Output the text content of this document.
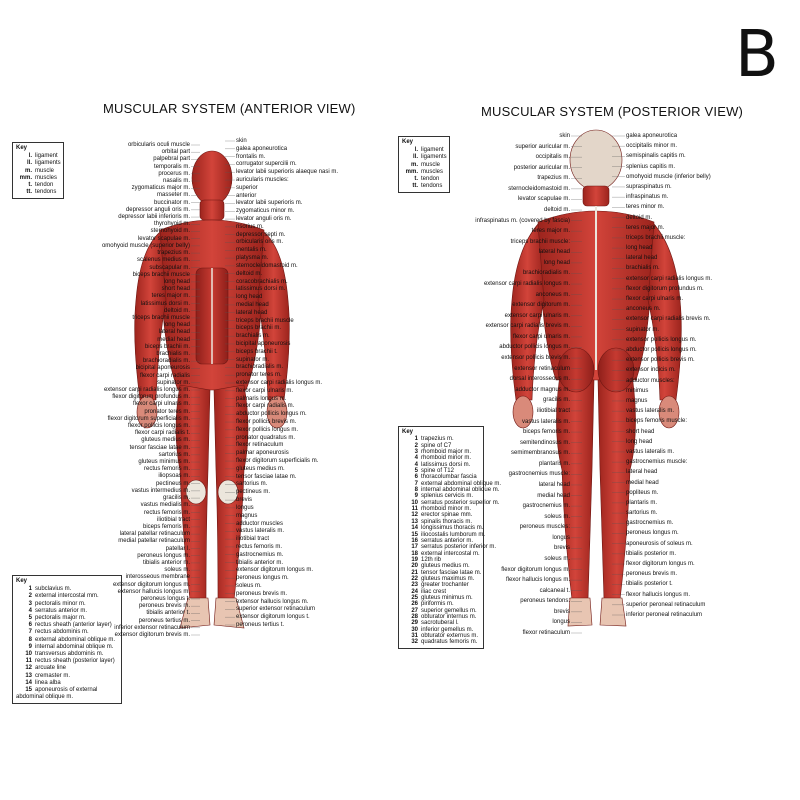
B
MUSCULAR SYSTEM (ANTERIOR VIEW)	MUSCULAR SYSTEM (POSTERIOR VIEW)
Key
l. ligament
ll. ligaments
m. muscle
mm. muscles
t. tendon
tt. tendons
Key
1 subclavius m.
2 external intercostal mm.
3 pectoralis minor m.
4 serratus anterior m.
5 pectoralis major m.
6 rectus sheath (anterior layer)
7 rectus abdominis m.
8 external abdominal oblique m.
9 internal abdominal oblique m.
10 transversus abdominis m.
11 rectus sheath (posterior layer)
12 arcuate line
13 cremaster m.
14 linea alba
15 aponeurosis of external abdominal oblique m.
Key
l. ligament
ll. ligaments
m. muscle
mm. muscles
t. tendon
tt. tendons
Key
1 trapezius m.
2 spine of C7
3 rhomboid major m.
4 rhomboid minor m.
4 latissimus dorsi m.
5 spine of T12
6 thoracolumbar fascia
7 external abdominal oblique m.
8 internal abdominal oblique m.
9 splenius cervicis m.
10 serratus posterior superior m.
11 rhomboid minor m.
12 erector spinae mm.
13 spinalis thoracis m.
14 longissimus thoracis m.
15 iliocostalis lumborum m.
16 serratus anterior m.
17 serratus posterior inferior m.
18 external intercostal m.
19 12th rib
20 gluteus medius m.
21 tensor fasciae latae m.
22 gluteus maximus m.
23 greater trochanter
24 iliac crest
25 gluteus minimus m.
26 piriformis m.
27 superior gemellus m.
28 obturator internus m.
29 sacrotuberal l.
30 inferior gemellus m.
31 obturator externus m.
32 quadratus femoris m.
orbicularis oculi muscle
orbital part
palpebral part
temporalis m.
procerus m.
nasalis m.
zygomaticus major m.
masseter m.
buccinator m.
depressor anguli oris m.
depressor labii inferioris m.
thyrohyoid m.
sternohyoid m.
levator scapulae m.
omohyoid muscle (superior belly)
trapezius m.
scalenus medius m.
subscapular m.
biceps brachii muscle
long head
short head
teres major m.
latissimus dorsi m.
deltoid m.
triceps brachii muscle
long head
lateral head
medial head
biceps brachii m.
brachialis m.
brachioradialis m.
bicipital aponeurosis
flexor carpi radialis
supinator m.
extensor carpi radialis longus m.
flexor digitorum profundus m.
flexor carpi ulnaris m.
pronator teres m.
flexor digitorum superficialis m.
flexor pollicis longus m.
flexor carpi radialis t.
gluteus medius m.
tensor fasciae latae m.
sartorius m.
gluteus minimus m.
rectus femoris m.
iliopsoas m.
pectineus m.
vastus intermedius m.
gracilis m.
vastus medialis m.
rectus femoris m.
iliotibial tract
biceps femoris m.
lateral patellar retinaculum
medial patellar retinaculum
patellar l.
peroneus longus m.
tibialis anterior m.
soleus m.
interosseous membrane
extensor digitorum longus m.
extensor hallucis longus m.
peroneus longus t.
peroneus brevis m.
tibialis anterior t.
peroneus tertius m.
inferior extensor retinaculum
extensor digitorum brevis m.
skin
galea aponeurotica
frontalis m.
corrugator supercilii m.
levator labii superioris alaeque nasi m.
auricularis muscles:
superior
anterior
levator labii superioris m.
zygomaticus minor m.
levator anguli oris m.
risorius m.
depressor septi m.
orbicularis oris m.
mentalis m.
platysma m.
sternocleidomastoid m.
deltoid m.
coracobrachialis m.
latissimus dorsi m.
long head
medial head
lateral head
triceps brachii muscle
biceps brachii m.
brachialis m.
bicipital aponeurosis
biceps brachii t.
supinator m.
brachioradialis m.
pronator teres m.
extensor carpi radialis longus m.
flexor carpi ulnaris m.
palmaris longus m.
flexor carpi radialis m.
abductor pollicis longus m.
flexor pollicis brevis m.
flexor pollicis longus m.
pronator quadratus m.
flexor retinaculum
palmar aponeurosis
flexor digitorum superficialis m.
gluteus medius m.
tensor fasciae latae m.
sartorius m.
pectineus m.
brevis
longus
magnus
adductor muscles
vastus lateralis m.
iliotibial tract
rectus femoris m.
gastrocnemius m.
tibialis anterior m.
extensor digitorum longus m.
peroneus longus m.
soleus m.
peroneus brevis m.
extensor hallucis longus m.
superior extensor retinaculum
extensor digitorum longus t.
peroneus tertius t.
skin
superior auricular m.
occipitalis m.
posterior auricular m.
trapezius m.
sternocleidomastoid m.
levator scapulae m.
deltoid m.
infraspinatus m. (covered by fascia)
teres major m.
triceps brachii muscle:
lateral head
long head
brachioradialis m.
extensor carpi radialis longus m.
anconeus m.
extensor digitorum m.
extensor carpi ulnaris m.
extensor carpi radialis brevis m.
flexor carpi ulnaris m.
abductor pollicis longus m.
extensor pollicis brevis m.
extensor retinaculum
dorsal interosseous m.
adductor magnus m.
gracilis m.
iliotibial tract
vastus lateralis m.
biceps femoris m.
semitendinosus m.
semimembranosus m.
plantaris m.
gastrocnemius muscle:
lateral head
medial head
gastrocnemius m.
soleus m.
peroneus muscles:
longus
brevis
soleus m.
flexor digitorum longus m.
flexor hallucis longus m.
calcaneal t.
peroneus tendons:
brevis
longus
flexor retinaculum
galea aponeurotica
occipitalis minor m.
semispinalis capitis m.
splenius capitis m.
omohyoid muscle (inferior belly)
supraspinatus m.
infraspinatus m.
teres minor m.
deltoid m.
teres major m.
triceps brachii muscle:
long head
lateral head
brachialis m.
extensor carpi radialis longus m.
flexor digitorum profundus m.
flexor carpi ulnaris m.
anconeus m.
extensor carpi radialis brevis m.
supinator m.
extensor pollicis longus m.
abductor pollicis longus m.
extensor pollicis brevis m.
extensor indicis m.
adductor muscles:
minimus
magnus
vastus lateralis m.
biceps femoris muscle:
short head
long head
vastus lateralis m.
gastrocnemius muscle:
lateral head
medial head
popliteus m.
plantaris m.
sartorius m.
gastrocnemius m.
peroneus longus m.
aponeurosis of soleus m.
tibialis posterior m.
flexor digitorum longus m.
peroneus brevis m.
tibialis posterior t.
flexor hallucis longus m.
superior peroneal retinaculum
inferior peroneal retinaculum
